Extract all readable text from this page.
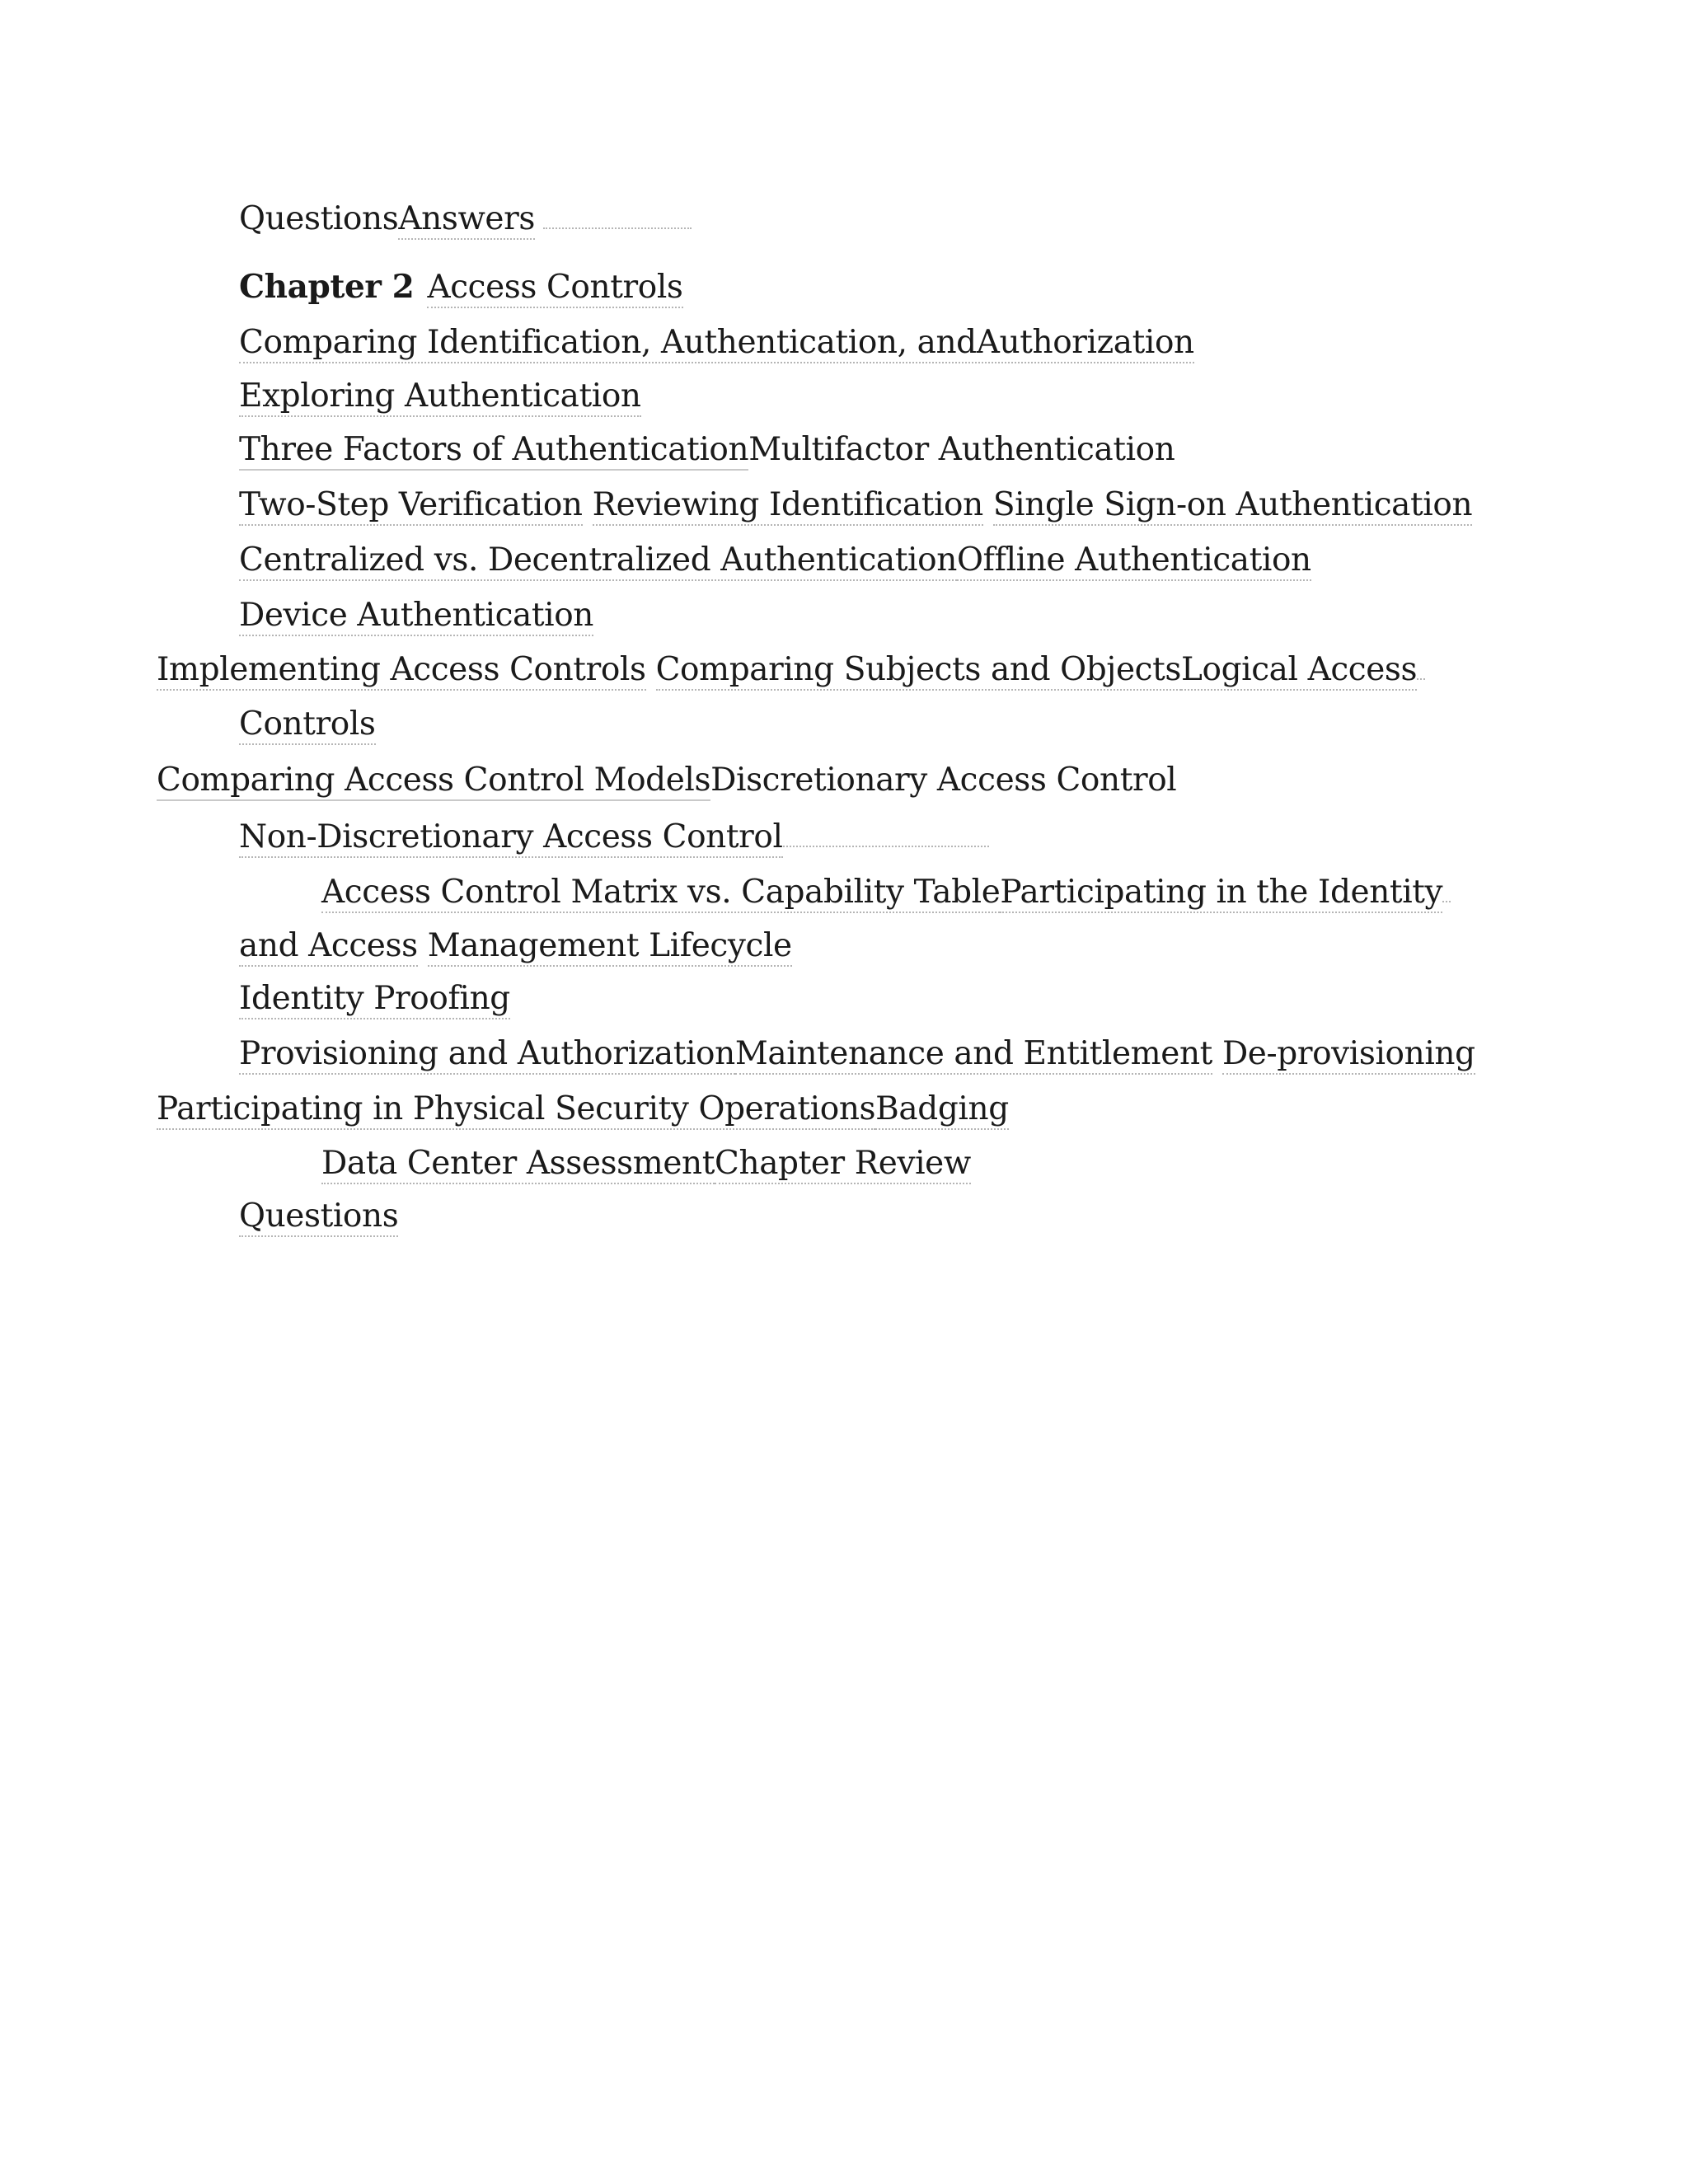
QuestionsAnswers
Chapter 2 Access Controls
Comparing Identification, Authentication, andAuthorization
Exploring Authentication
Three Factors of AuthenticationMultifactor Authentication
Two-Step Verification Reviewing Identification Single Sign-on Authentication
Centralized vs. Decentralized AuthenticationOffline Authentication
Device Authentication
Implementing Access Controls Comparing Subjects and ObjectsLogical Access
Controls
Comparing Access Control ModelsDiscretionary Access Control
Non-Discretionary Access Control
Access Control Matrix vs. Capability TableParticipating in the Identity
and Access Management Lifecycle
Identity Proofing
Provisioning and AuthorizationMaintenance and Entitlement De-provisioning
Participating in Physical Security OperationsBadging
Data Center AssessmentChapter Review
Questions
